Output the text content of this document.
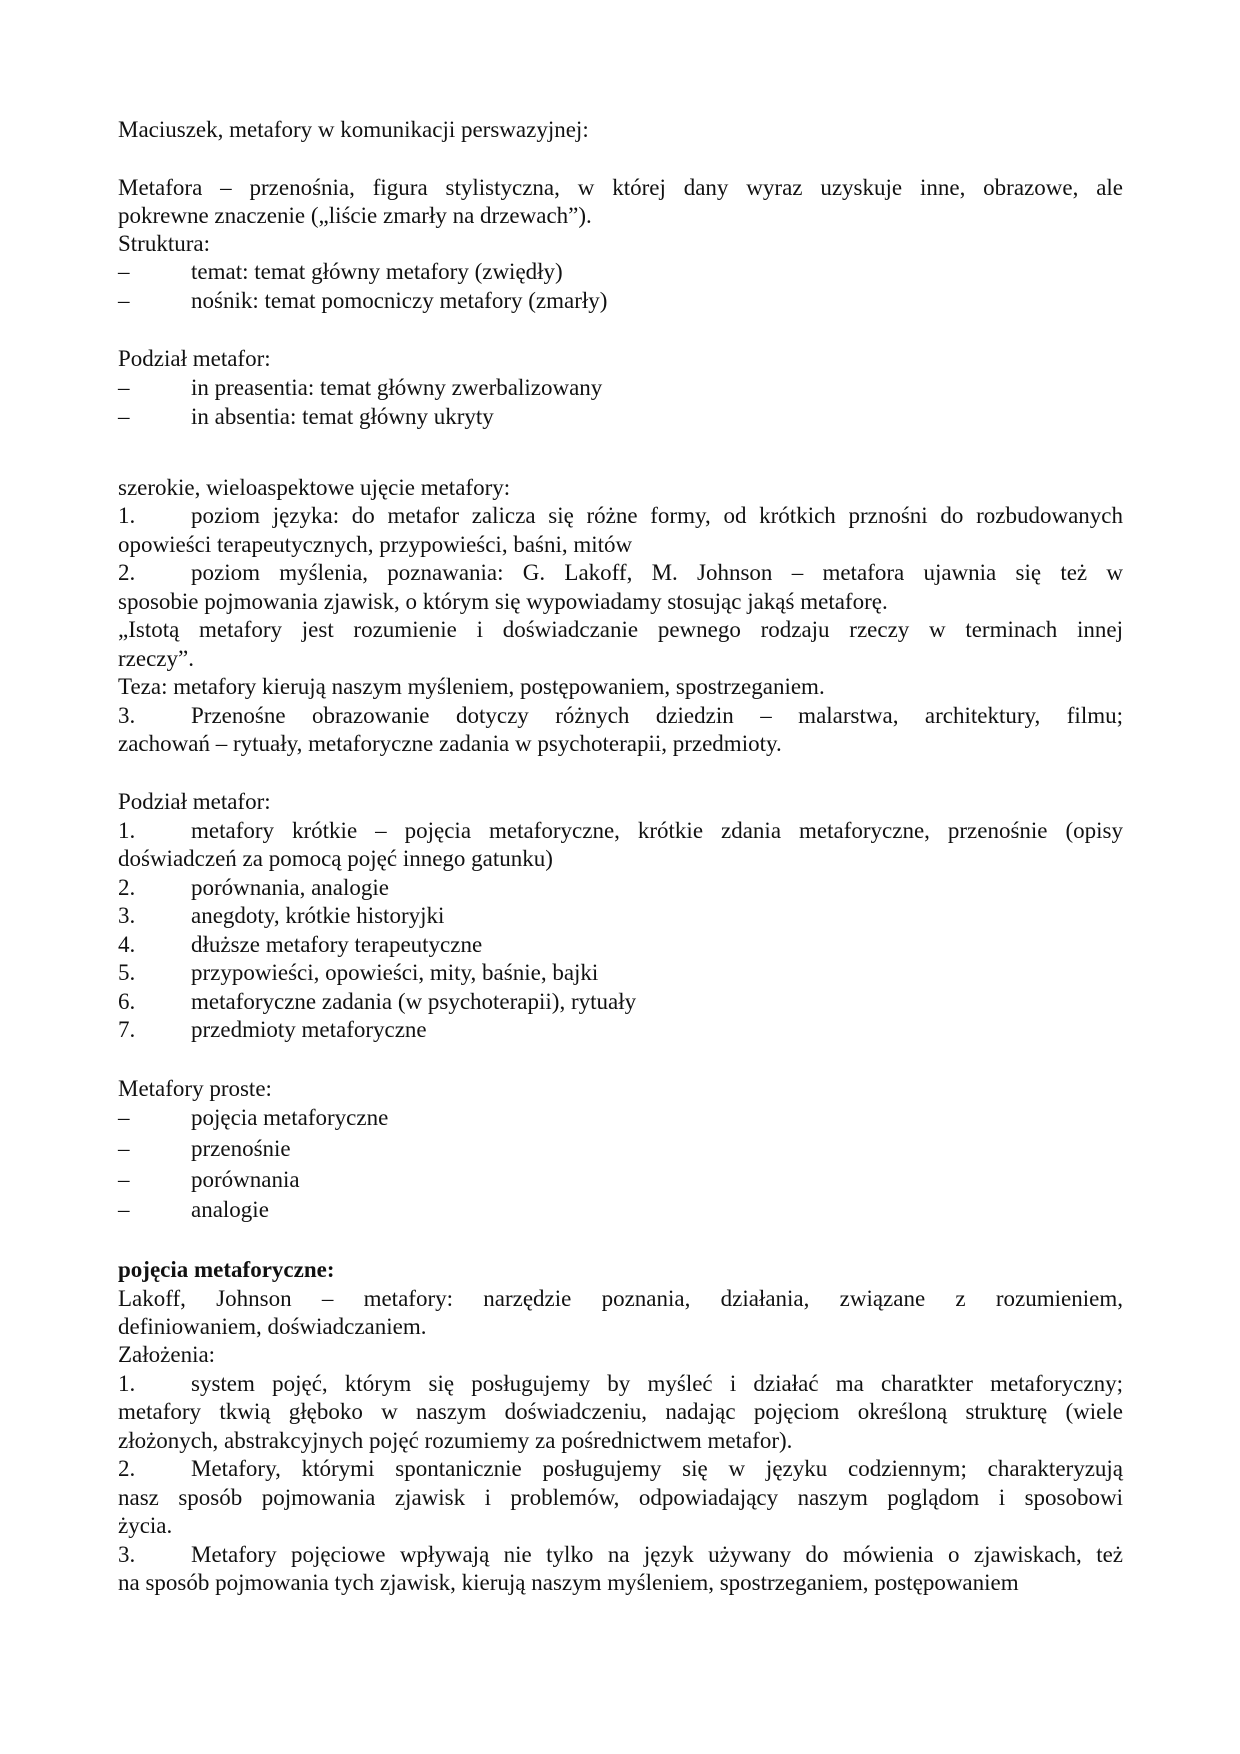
Maciuszek, metafory w komunikacji perswazyjnej:
Metafora – przenośnia, figura stylistyczna, w której dany wyraz uzyskuje inne, obrazowe, ale
pokrewne znaczenie („liście zmarły na drzewach”).
Struktura:
–	temat: temat główny metafory (zwiędły)
–	nośnik: temat pomocniczy metafory (zmarły)
Podział metafor:
–	in preasentia: temat główny zwerbalizowany
–	in absentia: temat główny ukryty
szerokie, wieloaspektowe ujęcie metafory:
1. poziom języka: do metafor zalicza się różne formy, od krótkich prznośni do rozbudowanych
opowieści terapeutycznych, przypowieści, baśni, mitów
2. poziom myślenia, poznawania: G. Lakoff, M. Johnson – metafora ujawnia się też w
sposobie pojmowania zjawisk, o którym się wypowiadamy stosując jakąś metaforę.
„Istotą metafory jest rozumienie i doświadczanie pewnego rodzaju rzeczy w terminach innej
rzeczy”.
Teza: metafory kierują naszym myśleniem, postępowaniem, spostrzeganiem.
3. Przenośne obrazowanie dotyczy różnych dziedzin – malarstwa, architektury, filmu;
zachowań – rytuały, metaforyczne zadania w psychoterapii, przedmioty.
Podział metafor:
1. metafory krótkie – pojęcia metaforyczne, krótkie zdania metaforyczne, przenośnie (opisy
doświadczeń za pomocą pojęć innego gatunku)
2. porównania, analogie
3. anegdoty, krótkie historyjki
4. dłuższe metafory terapeutyczne
5. przypowieści, opowieści, mity, baśnie, bajki
6. metaforyczne zadania (w psychoterapii), rytuały
7. przedmioty metaforyczne
Metafory proste:
–	pojęcia metaforyczne
–	przenośnie
–	porównania
–	analogie
pojęcia metaforyczne:
Lakoff, Johnson – metafory: narzędzie poznania, działania, związane z rozumieniem,
definiowaniem, doświadczaniem.
Założenia:
1. system pojęć, którym się posługujemy by myśleć i działać ma charatkter metaforyczny;
metafory tkwią głęboko w naszym doświadczeniu, nadając pojęciom określoną strukturę (wiele
złożonych, abstrakcyjnych pojęć rozumiemy za pośrednictwem metafor).
2. Metafory, którymi spontanicznie posługujemy się w języku codziennym; charakteryzują
nasz sposób pojmowania zjawisk i problemów, odpowiadający naszym poglądom i sposobowi
życia.
3. Metafory pojęciowe wpływają nie tylko na język używany do mówienia o zjawiskach, też
na sposób pojmowania tych zjawisk, kierują naszym myśleniem, spostrzeganiem, postępowaniem
